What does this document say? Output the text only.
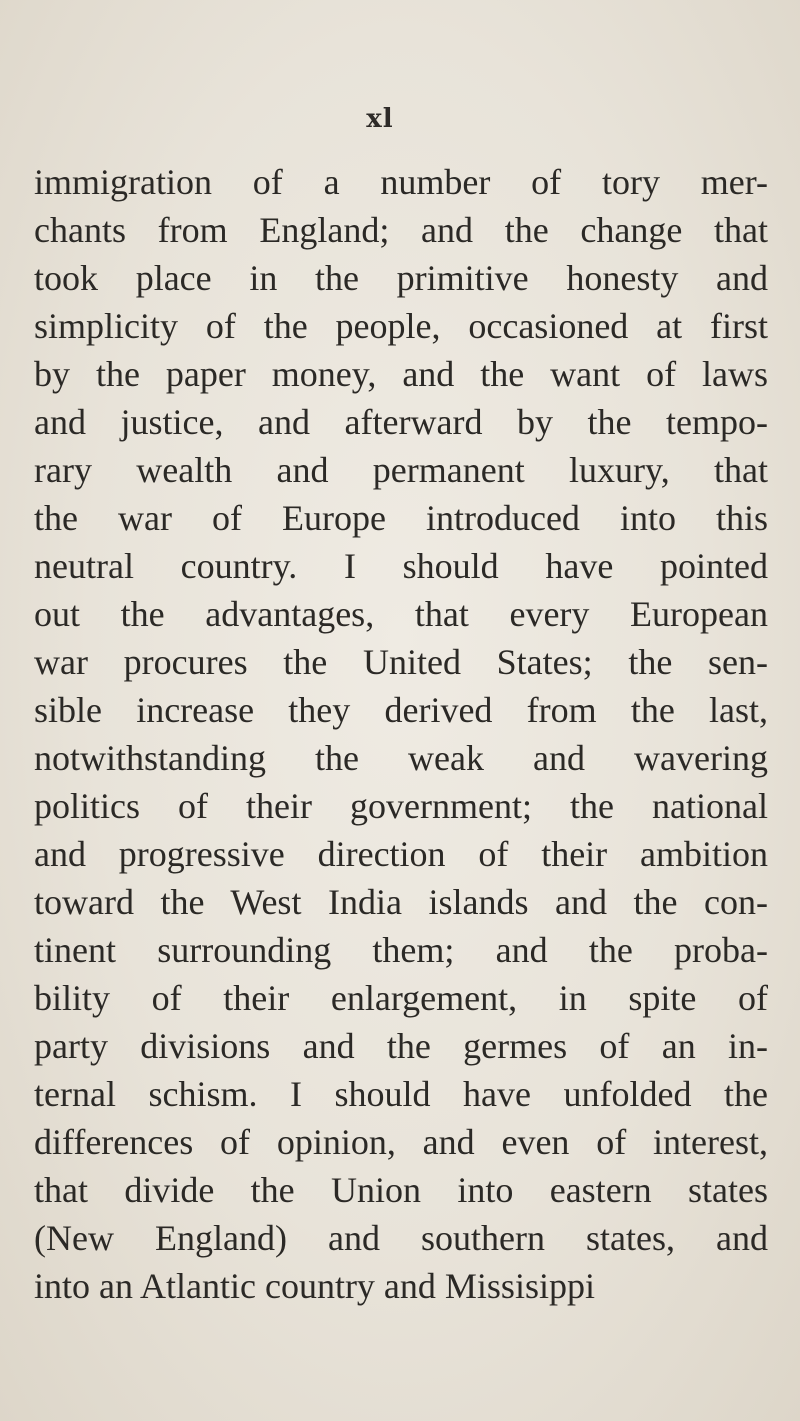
xl
immigration of a number of tory mer-
chants from England; and the change that
took place in the primitive honesty and
simplicity of the people, occasioned at first
by the paper money, and the want of laws
and justice, and afterward by the tempo-
rary wealth and permanent luxury, that
the war of Europe introduced into this
neutral country. I should have pointed
out the advantages, that every European
war procures the United States; the sen-
sible increase they derived from the last,
notwithstanding the weak and wavering
politics of their government; the national
and progressive direction of their ambition
toward the West India islands and the con-
tinent surrounding them; and the proba-
bility of their enlargement, in spite of
party divisions and the germes of an in-
ternal schism. I should have unfolded the
differences of opinion, and even of interest,
that divide the Union into eastern states
(New England) and southern states, and
into an Atlantic country and Missisippi
